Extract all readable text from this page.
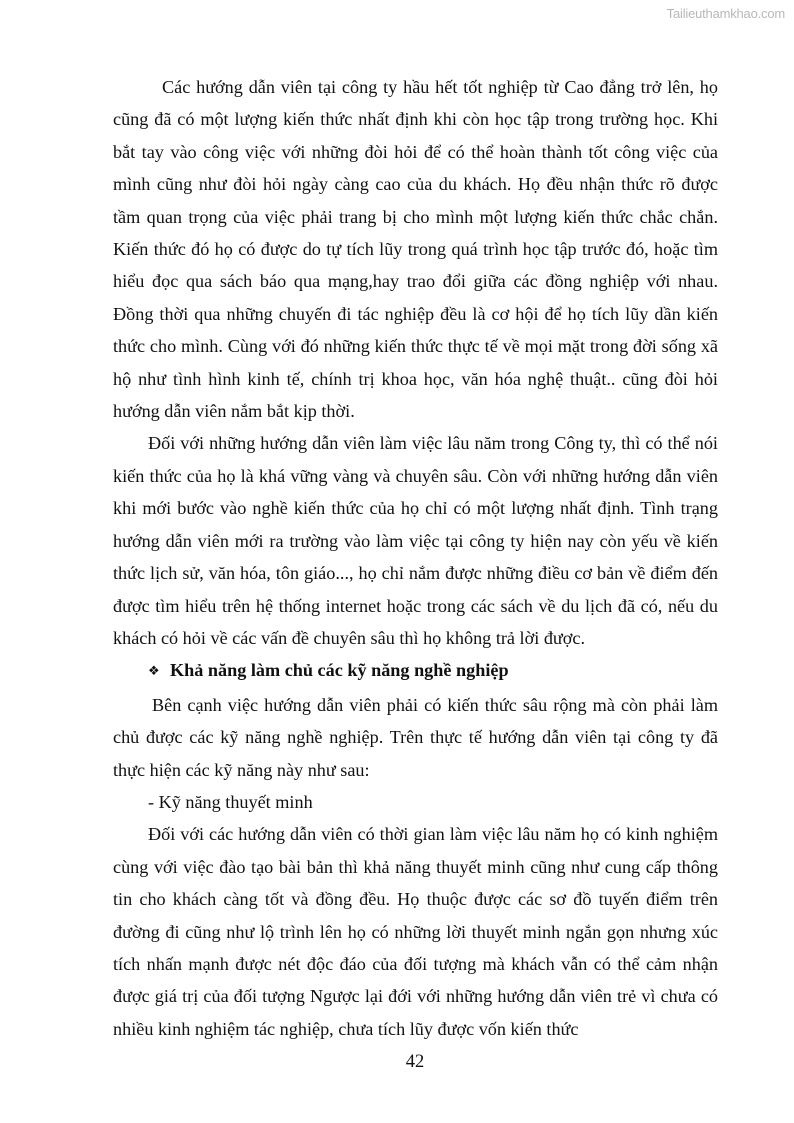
Tailieuthamkhao.com

Các hướng dẫn viên tại công ty hầu hết tốt nghiệp từ Cao đẳng trở lên, họ cũng đã có một lượng kiến thức nhất định khi còn học tập trong trường học. Khi bắt tay vào công việc với những đòi hỏi để có thể hoàn thành tốt công việc của mình cũng như đòi hỏi ngày càng cao của du khách. Họ đều nhận thức rõ được tầm quan trọng của việc phải trang bị cho mình một lượng kiến thức chắc chắn. Kiến thức đó họ có được do tự tích lũy trong quá trình học tập trước đó, hoặc tìm hiểu đọc qua sách báo qua mạng,hay trao đổi giữa các đồng nghiệp với nhau. Đồng thời qua những chuyến đi tác nghiệp đều là cơ hội để họ tích lũy dần kiến thức cho mình. Cùng với đó những kiến thức thực tế về mọi mặt trong đời sống xã hộ như tình hình kinh tế, chính trị khoa học, văn hóa nghệ thuật.. cũng đòi hỏi hướng dẫn viên nắm bắt kịp thời.

Đối với những hướng dẫn viên làm việc lâu năm trong Công ty, thì có thể nói kiến thức của họ là khá vững vàng và chuyên sâu. Còn với những hướng dẫn viên khi mới bước vào nghề kiến thức của họ chỉ có một lượng nhất định. Tình trạng hướng dẫn viên mới ra trường vào làm việc tại công ty hiện nay còn yếu về kiến thức lịch sử, văn hóa, tôn giáo..., họ chỉ nắm được những điều cơ bản về điểm đến được tìm hiểu trên hệ thống internet hoặc trong các sách về du lịch đã có, nếu du khách có hỏi về các vấn đề chuyên sâu thì họ không trả lời được.

❖ Khả năng làm chủ các kỹ năng nghề nghiệp

Bên cạnh việc hướng dẫn viên phải có kiến thức sâu rộng mà còn phải làm chủ được các kỹ năng nghề nghiệp. Trên thực tế hướng dẫn viên tại công ty đã thực hiện các kỹ năng này như sau:

- Kỹ năng thuyết minh

Đối với các hướng dẫn viên có thời gian làm việc lâu năm họ có kinh nghiệm cùng với việc đào tạo bài bản thì khả năng thuyết minh cũng như cung cấp thông tin cho khách càng tốt và đồng đều. Họ thuộc được các sơ đồ tuyến điểm trên đường đi cũng như lộ trình lên họ có những lời thuyết minh ngắn gọn nhưng xúc tích nhấn mạnh được nét độc đáo của đối tượng mà khách vẫn có thể cảm nhận được giá trị của đối tượng Ngược lại đới với những hướng dẫn viên trẻ vì chưa có nhiều kinh nghiệm tác nghiệp, chưa tích lũy được vốn kiến thức

42
